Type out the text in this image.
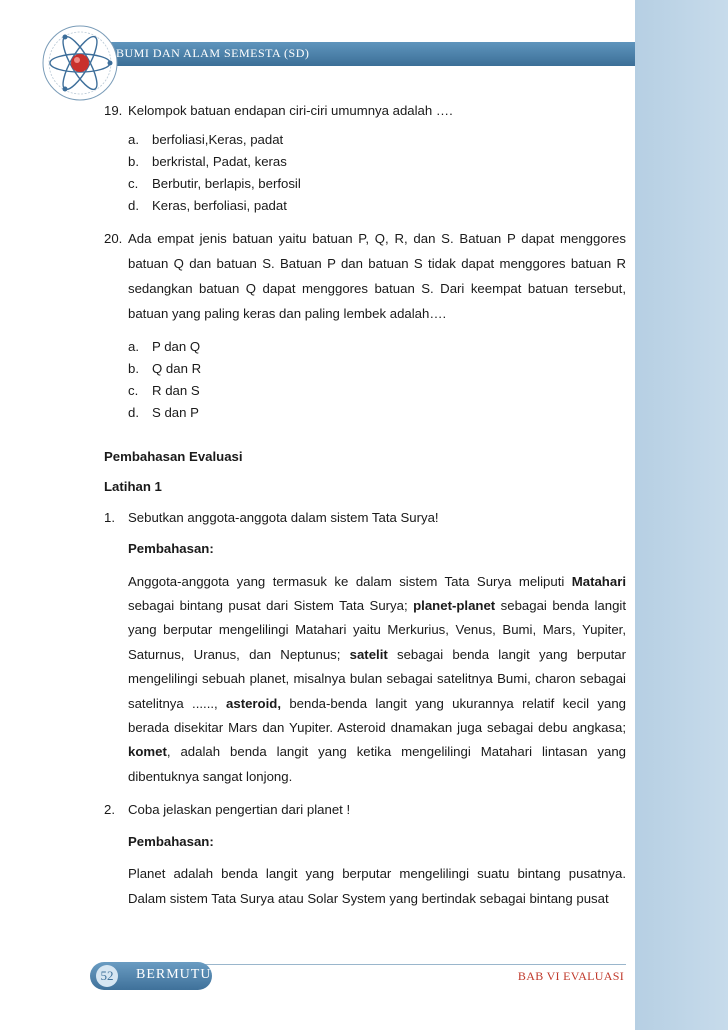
BUMI DAN ALAM SEMESTA (SD)

19. Kelompok batuan endapan ciri-ciri umumnya adalah ….

a. berfoliasi,Keras, padat
b. berkristal, Padat, keras
c. Berbutir, berlapis, berfosil
d. Keras, berfoliasi, padat

20. Ada empat jenis batuan yaitu batuan P, Q, R, dan S. Batuan P dapat menggores batuan Q dan batuan S. Batuan P dan batuan S tidak dapat menggores batuan R sedangkan batuan Q dapat menggores batuan S. Dari keempat batuan tersebut, batuan yang paling keras dan paling lembek adalah….

a. P dan Q
b. Q dan R
c. R dan S
d. S dan P

Pembahasan Evaluasi

Latihan 1

1. Sebutkan anggota-anggota dalam sistem Tata Surya!

Pembahasan:

Anggota-anggota yang termasuk ke dalam sistem Tata Surya meliputi Matahari sebagai bintang pusat dari Sistem Tata Surya; planet-planet sebagai benda langit yang berputar mengelilingi Matahari yaitu Merkurius, Venus, Bumi, Mars, Yupiter, Saturnus, Uranus, dan Neptunus; satelit sebagai benda langit yang berputar mengelilingi sebuah planet, misalnya bulan sebagai satelitnya Bumi, charon sebagai satelitnya ......, asteroid, benda-benda langit yang ukurannya relatif kecil yang berada disekitar Mars dan Yupiter. Asteroid dnamakan juga sebagai debu angkasa; komet, adalah benda langit yang ketika mengelilingi Matahari lintasan yang dibentuknya sangat lonjong.

2. Coba jelaskan pengertian dari planet !

Pembahasan:

Planet adalah benda langit yang berputar mengelilingi suatu bintang pusatnya. Dalam sistem Tata Surya atau Solar System yang bertindak sebagai bintang pusat

52	BERMUTU	BAB VI EVALUASI
